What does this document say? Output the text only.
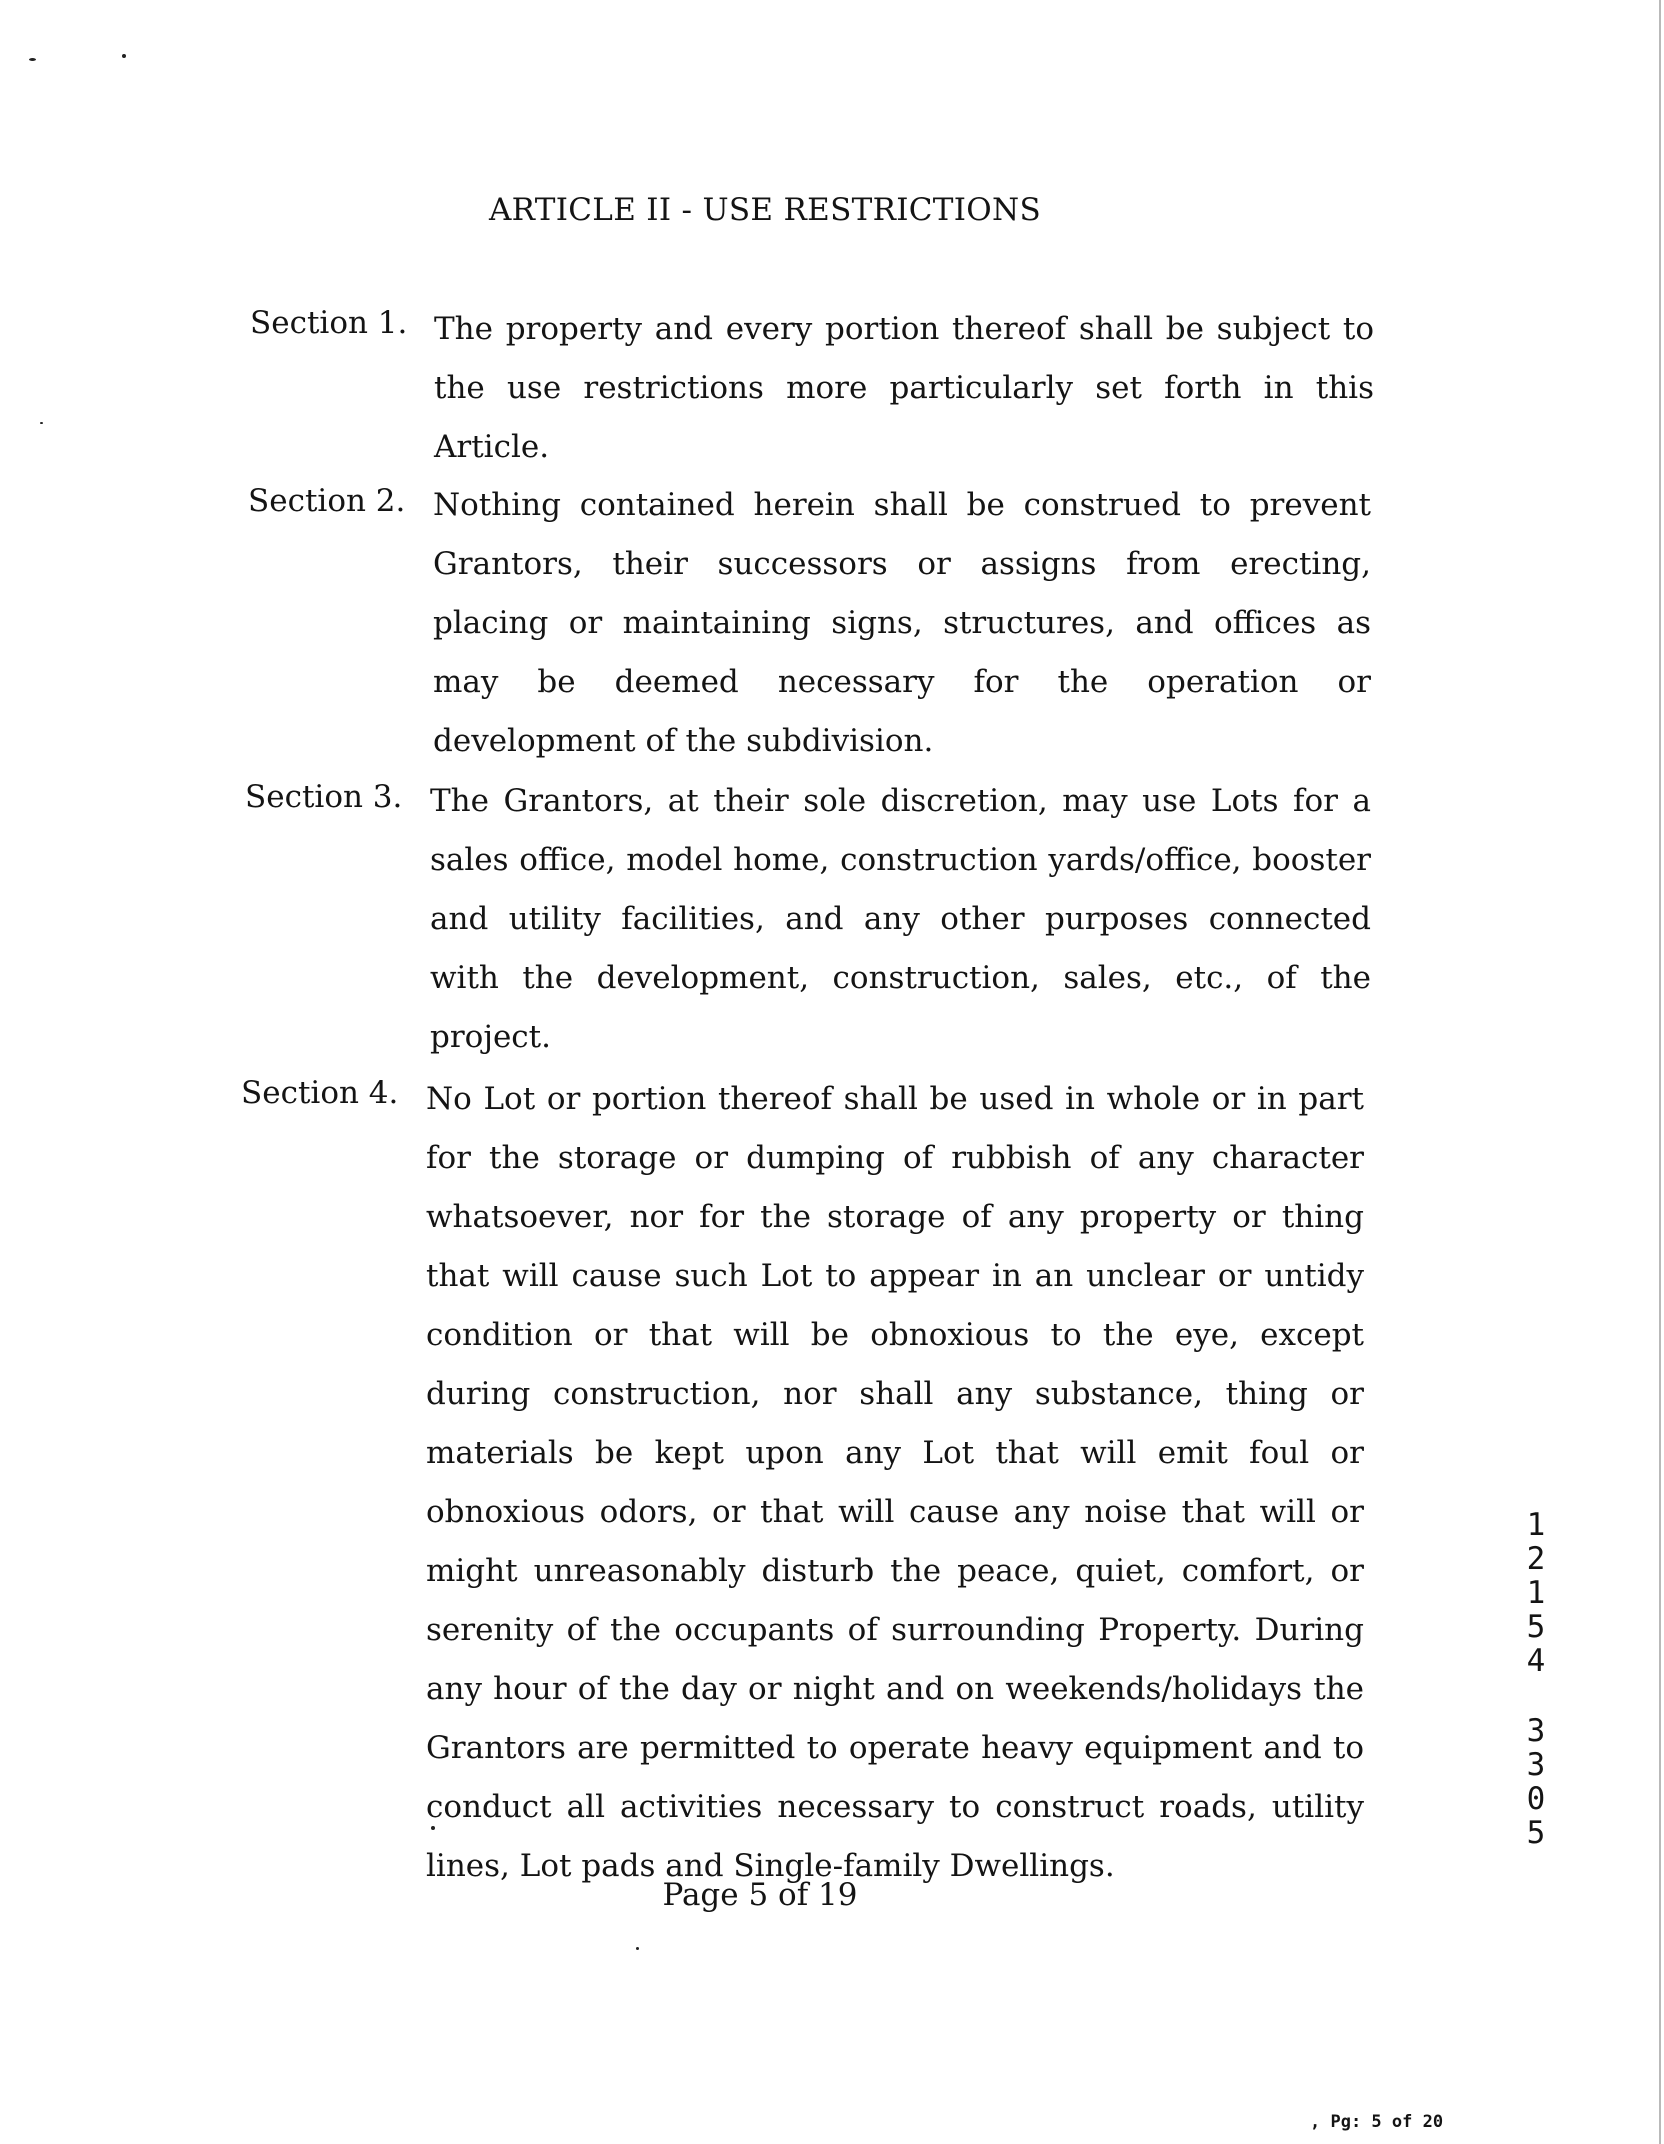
ARTICLE II - USE RESTRICTIONS
Section 1. The property and every portion thereof shall be subject to the use restrictions more particularly set forth in this Article.

Section 2. Nothing contained herein shall be construed to prevent Grantors, their successors or assigns from erecting, placing or maintaining signs, structures, and offices as may be deemed necessary for the operation or development of the subdivision.

Section 3. The Grantors, at their sole discretion, may use Lots for a sales office, model home, construction yards/office, booster and utility facilities, and any other purposes connected with the development, construction, sales, etc., of the project.

Section 4. No Lot or portion thereof shall be used in whole or in part for the storage or dumping of rubbish of any character whatsoever, nor for the storage of any property or thing that will cause such Lot to appear in an unclear or untidy condition or that will be obnoxious to the eye, except during construction, nor shall any substance, thing or materials be kept upon any Lot that will emit foul or obnoxious odors, or that will cause any noise that will or might unreasonably disturb the peace, quiet, comfort, or serenity of the occupants of surrounding Property. During any hour of the day or night and on weekends/holidays the Grantors are permitted to operate heavy equipment and to conduct all activities necessary to construct roads, utility lines, Lot pads and Single-family Dwellings.

Page 5 of 19
1
2
1
5
4
3
3
0
5
, Pg: 5 of 20
